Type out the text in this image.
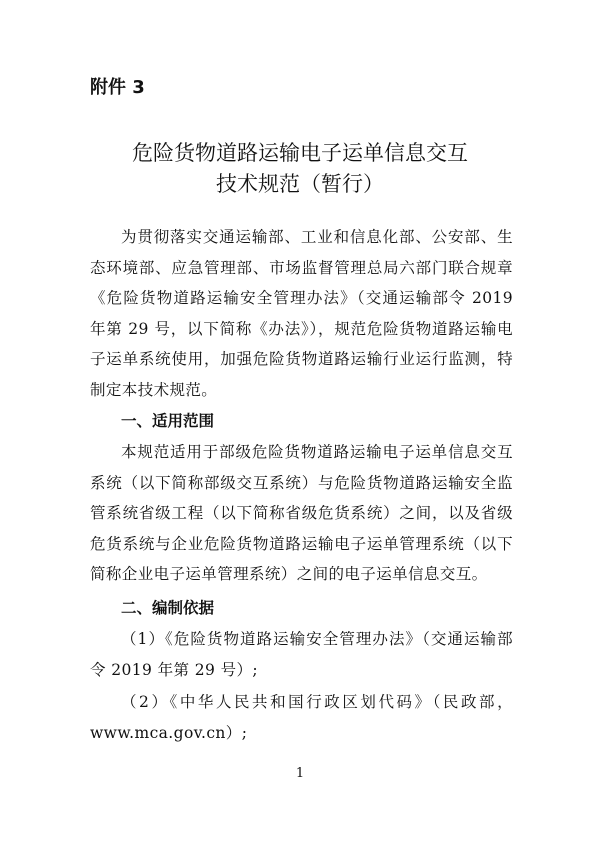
附件 3

危险货物道路运输电子运单信息交互
技术规范（暂行）

为贯彻落实交通运输部、工业和信息化部、公安部、生态环境部、应急管理部、市场监督管理总局六部门联合规章《危险货物道路运输安全管理办法》（交通运输部令 2019 年第 29 号，以下简称《办法》），规范危险货物道路运输电子运单系统使用，加强危险货物道路运输行业运行监测，特制定本技术规范。

一、适用范围

本规范适用于部级危险货物道路运输电子运单信息交互系统（以下简称部级交互系统）与危险货物道路运输安全监管系统省级工程（以下简称省级危货系统）之间，以及省级危货系统与企业危险货物道路运输电子运单管理系统（以下简称企业电子运单管理系统）之间的电子运单信息交互。

二、编制依据

（1）《危险货物道路运输安全管理办法》（交通运输部令 2019 年第 29 号）;

（2）《中华人民共和国行政区划代码》（民政部，www.mca.gov.cn）;

1
